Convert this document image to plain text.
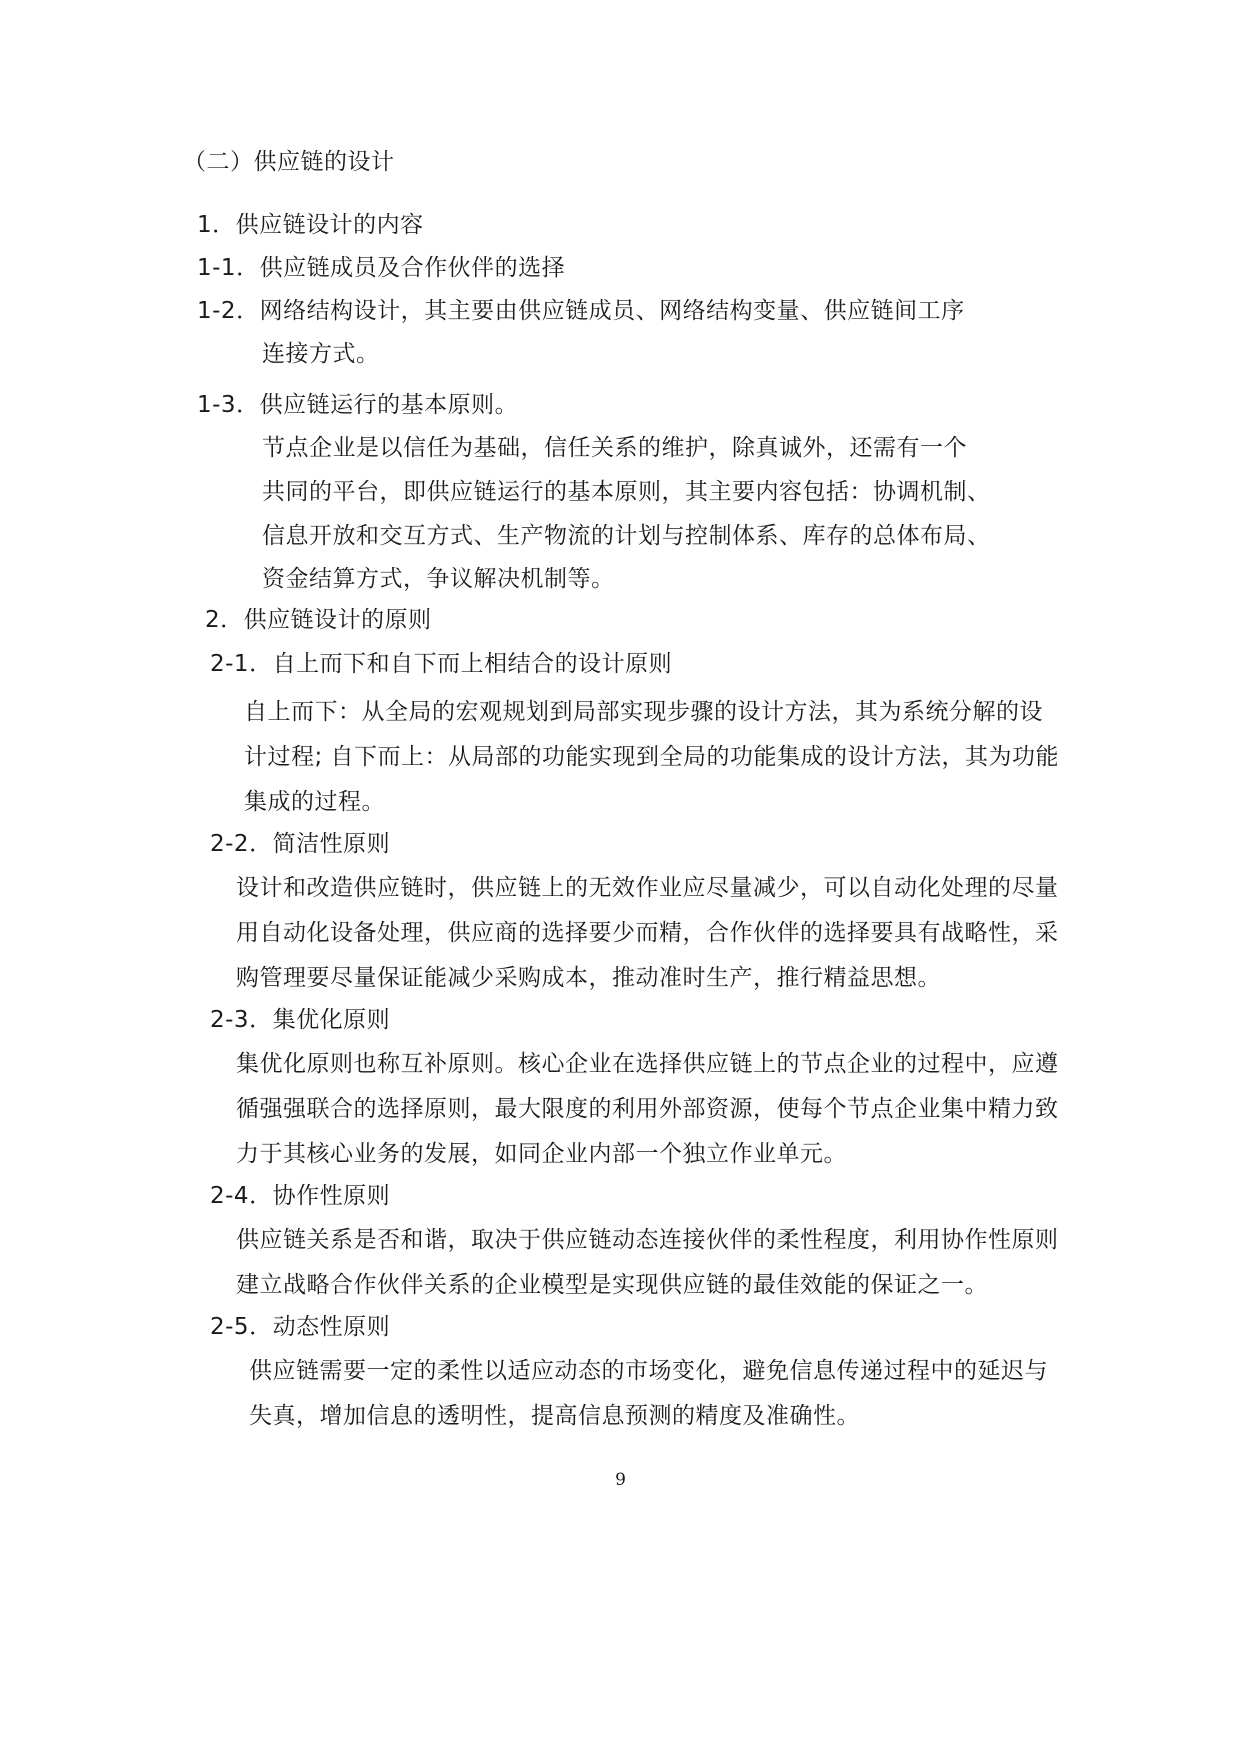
（二）供应链的设计
1．供应链设计的内容
1-1．供应链成员及合作伙伴的选择
1-2．网络结构设计，其主要由供应链成员、网络结构变量、供应链间工序
连接方式。
1-3．供应链运行的基本原则。
节点企业是以信任为基础，信任关系的维护，除真诚外，还需有一个
共同的平台，即供应链运行的基本原则，其主要内容包括：协调机制、
信息开放和交互方式、生产物流的计划与控制体系、库存的总体布局、
资金结算方式，争议解决机制等。
2．供应链设计的原则
2-1．自上而下和自下而上相结合的设计原则
自上而下：从全局的宏观规划到局部实现步骤的设计方法，其为系统分解的设
计过程; 自下而上：从局部的功能实现到全局的功能集成的设计方法，其为功能
集成的过程。
2-2．简洁性原则
设计和改造供应链时，供应链上的无效作业应尽量减少，可以自动化处理的尽量
用自动化设备处理，供应商的选择要少而精，合作伙伴的选择要具有战略性，采
购管理要尽量保证能减少采购成本，推动准时生产，推行精益思想。
2-3．集优化原则
集优化原则也称互补原则。核心企业在选择供应链上的节点企业的过程中，应遵
循强强联合的选择原则，最大限度的利用外部资源，使每个节点企业集中精力致
力于其核心业务的发展，如同企业内部一个独立作业单元。
2-4．协作性原则
供应链关系是否和谐，取决于供应链动态连接伙伴的柔性程度，利用协作性原则
建立战略合作伙伴关系的企业模型是实现供应链的最佳效能的保证之一。
2-5．动态性原则
供应链需要一定的柔性以适应动态的市场变化，避免信息传递过程中的延迟与
失真，增加信息的透明性，提高信息预测的精度及准确性。
9
